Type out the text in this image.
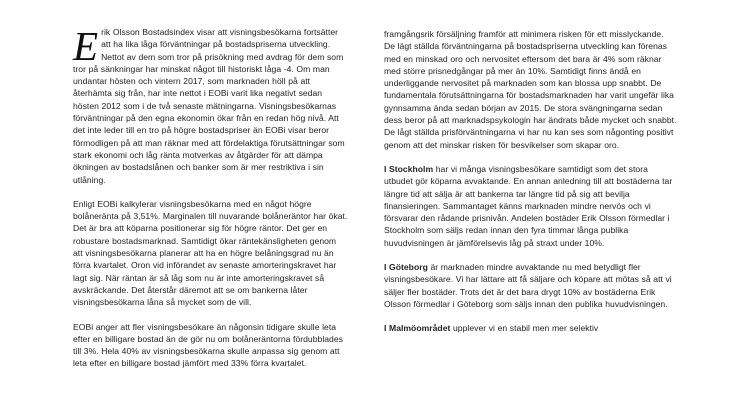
Erik Olsson Bostadsindex visar att visningsbesökarna fortsätter att ha lika låga förväntningar på bostadspriserna utveckling. Nettot av dem som tror på prisökning med avdrag för dem som tror på sänkningar har minskat något till historiskt låga -4. Om man undantar hösten och vintern 2017, som marknaden höll på att återhämta sig från, har inte nettot i EOBi varit lika negativt sedan hösten 2012 som i de två senaste mätningarna. Visningsbesökarnas förväntningar på den egna ekonomin ökar från en redan hög nivå. Att det inte leder till en tro på högre bostadspriser än EOBi visar beror förmodligen på att man räknar med att fördelaktiga förutsättningar som stark ekonomi och låg ränta motverkas av åtgärder för att dämpa ökningen av bostadslånen och banker som är mer restriktiva i sin utlåning.

Enligt EOBi kalkylerar visningsbesökarna med en något högre bolåneränta på 3,51%. Marginalen till nuvarande bolåneräntor har ökat. Det är bra att köparna positionerar sig för högre räntor. Det ger en robustare bostadsmarknad. Samtidigt ökar räntekänsligheten genom att visningsbesökarna planerar att ha en högre belåningsgrad nu än förra kvartalet. Oron vid införandet av senaste amorteringskravet har lagt sig. När räntan är så låg som nu är inte amorteringskravet så avskräckande. Det återstår däremot att se om bankerna låter visningsbesökarna låna så mycket som de vill.

EOBi anger att fler visningsbesökare än någonsin tidigare skulle leta efter en billigare bostad än de gör nu om bolåneräntorna fördubblades till 3%. Hela 40% av visningsbesökarna skulle anpassa sig genom att leta efter en billigare bostad jämfört med 33% förra kvartalet.

framgångsrik försäljning framför att minimera risken för ett misslyckande. De lägt ställda förväntningarna på bostadspriserna utveckling kan förenas med en minskad oro och nervositet eftersom det bara är 4% som räknar med större prisnedgångar på mer än 10%. Samtidigt finns ändå en underliggande nervositet på marknaden som kan blossa upp snabbt. De fundamentala förutsättningarna för bostadsmarknaden har varit ungefär lika gynnsamma ända sedan början av 2015. De stora svängningarna sedan dess beror på att marknadspsykologin har ändrats både mycket och snabbt. De lågt ställda prisförväntningarna vi har nu kan ses som någonting positivt genom att det minskar risken för besvikelser som skapar oro.

I Stockholm har vi många visningsbesökare samtidigt som det stora utbudet gör köparna avvaktande. En annan anledning till att bostäderna tar längre tid att sälja är att bankerna tar längre tid på sig att bevilja finansieringen. Sammantaget känns marknaden mindre nervös och vi försvarar den rådande prisnivån. Andelen bostäder Erik Olsson förmedlar i Stockholm som säljs redan innan den fyra timmar långa publika huvudvisningen är jämförelsevis låg på straxt under 10%.

I Göteborg är marknaden mindre avvaktande nu med betydligt fler visningsbesökare. Vi har lättare att få säljare och köpare att mötas så att vi säljer fler bostäder. Trots det är det bara drygt 10% av bostäderna Erik Olsson förmedlar i Göteborg som säljs innan den publika huvudvisningen.

I Malmöområdet upplever vi en stabil men mer selektiv
